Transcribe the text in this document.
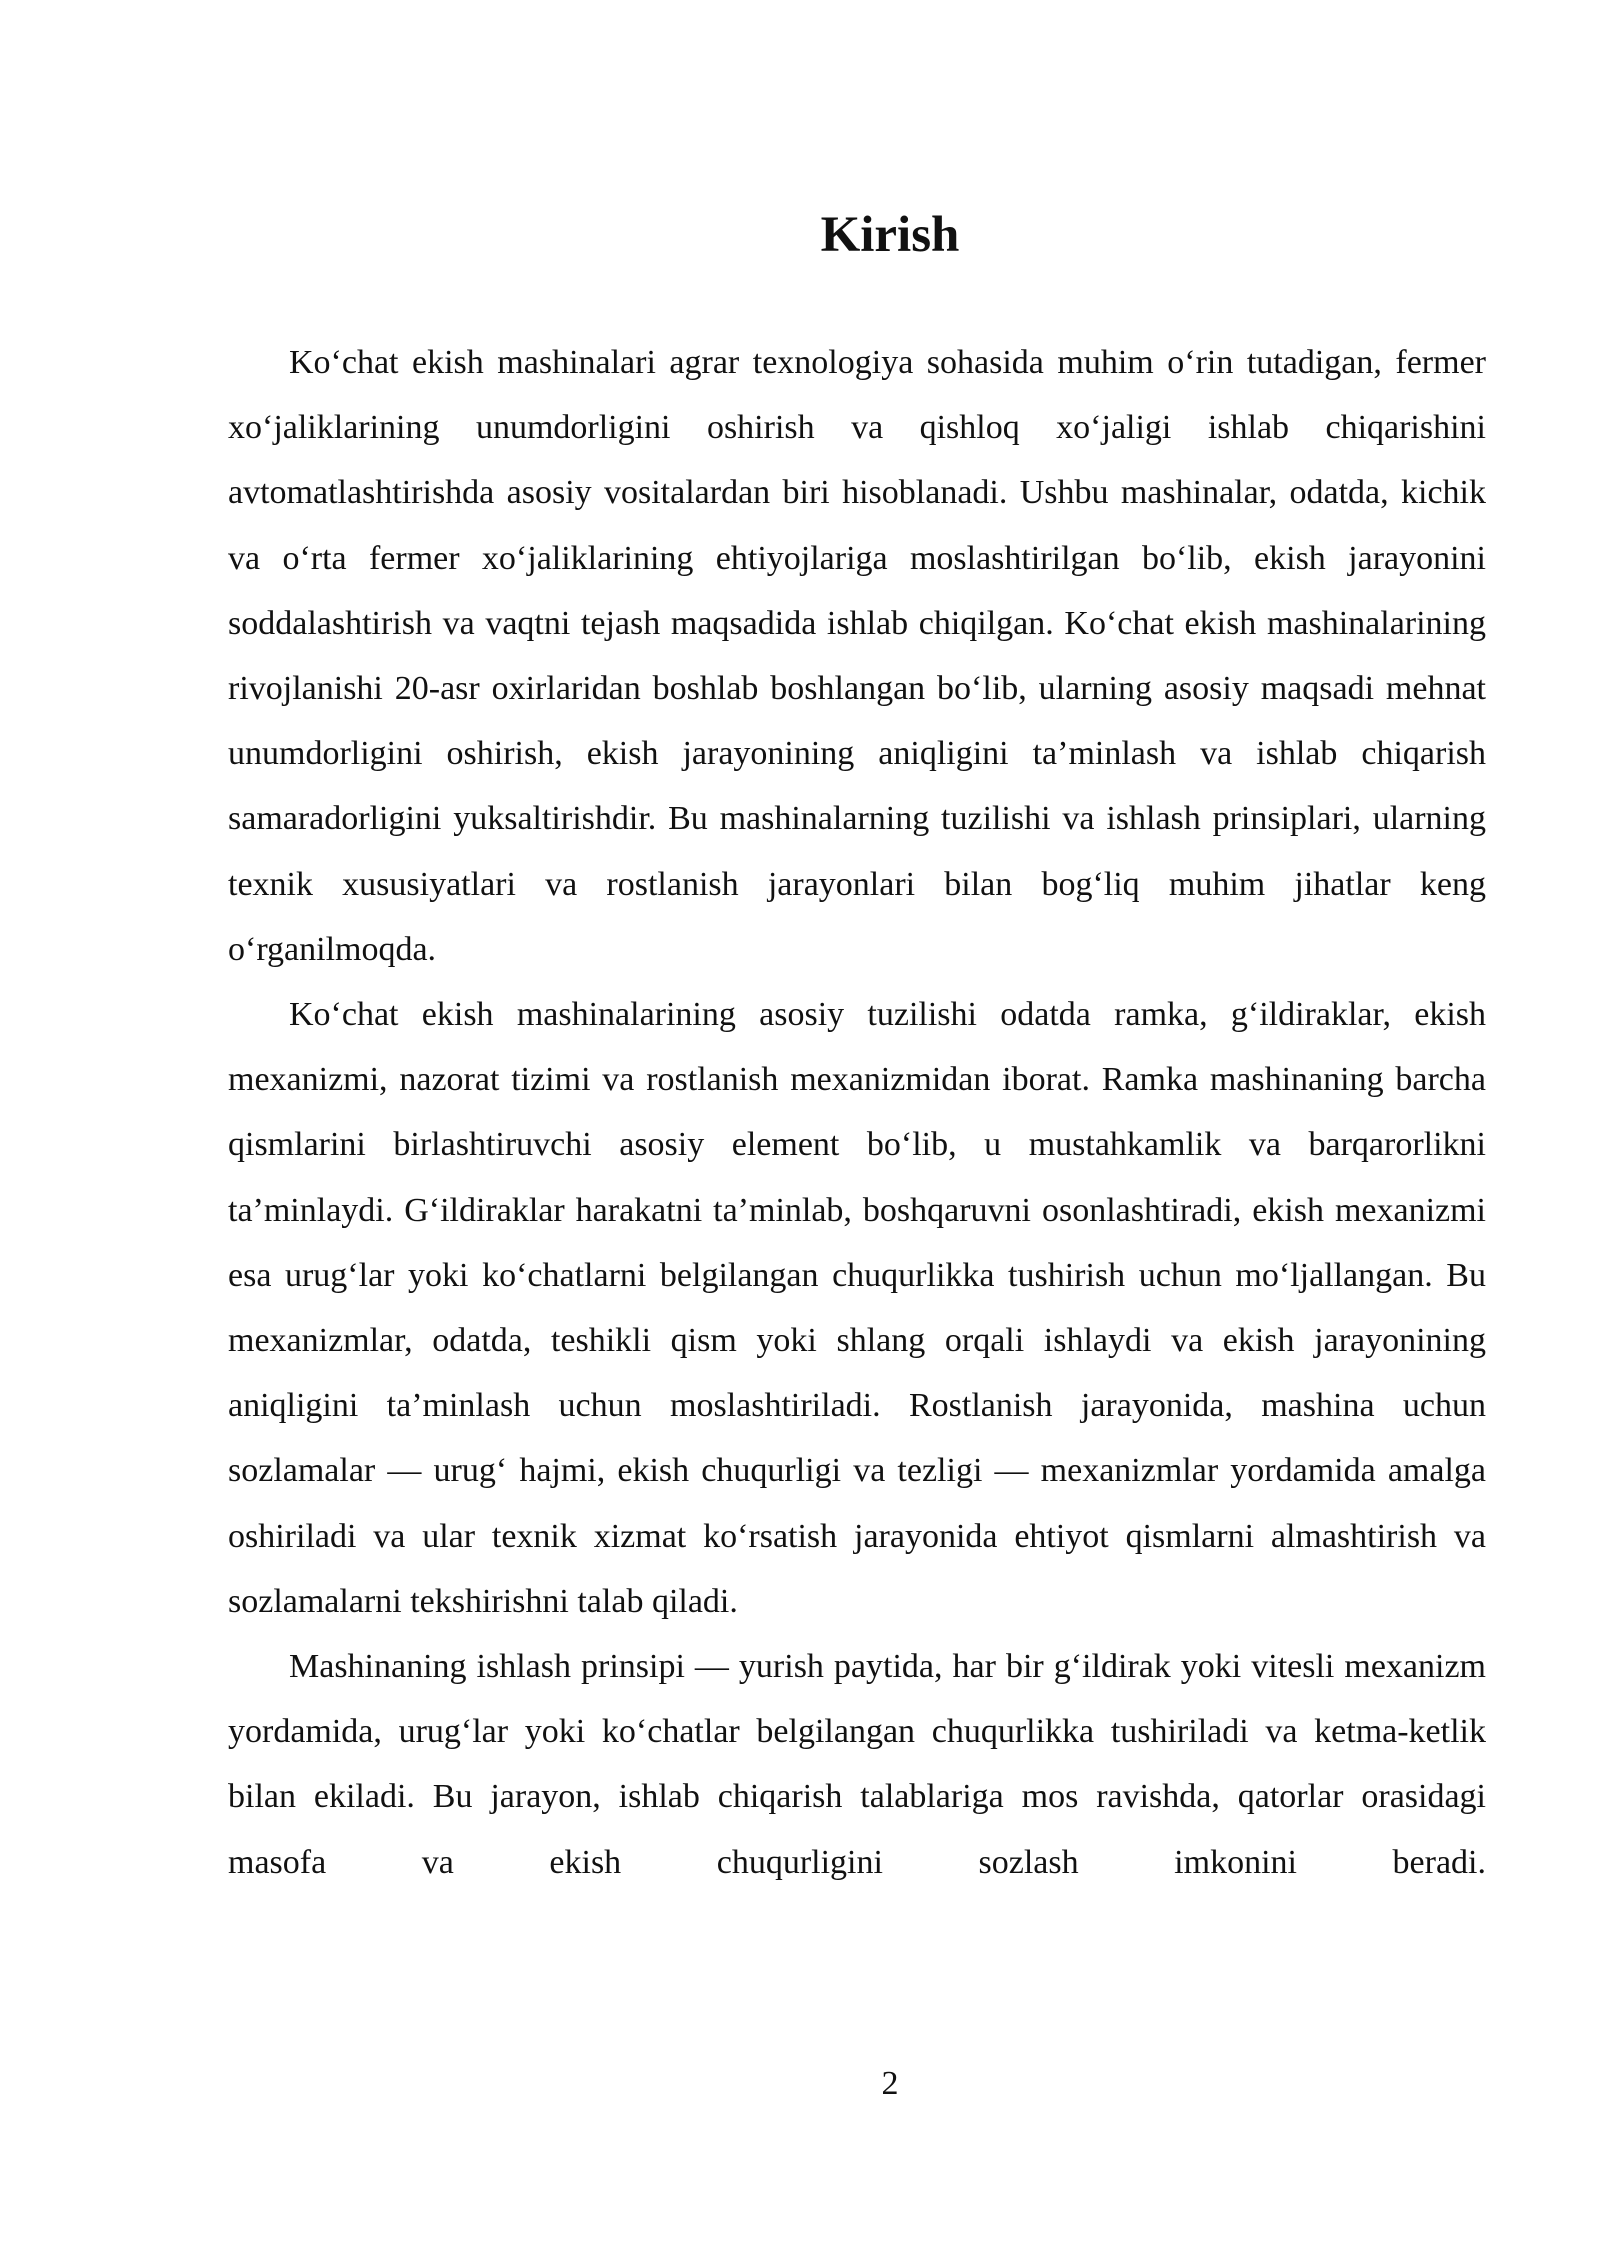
Kirish

Ko‘chat ekish mashinalari agrar texnologiya sohasida muhim o‘rin tutadigan, fermer xo‘jaliklarining unumdorligini oshirish va qishloq xo‘jaligi ishlab chiqarishini avtomatlashtirishda asosiy vositalardan biri hisoblanadi. Ushbu mashinalar, odatda, kichik va o‘rta fermer xo‘jaliklarining ehtiyojlariga moslashtirilgan bo‘lib, ekish jarayonini soddalashtirish va vaqtni tejash maqsadida ishlab chiqilgan. Ko‘chat ekish mashinalarining rivojlanishi 20-asr oxirlaridan boshlab boshlangan bo‘lib, ularning asosiy maqsadi mehnat unumdorligini oshirish, ekish jarayonining aniqligini ta’minlash va ishlab chiqarish samaradorligini yuksaltirishdir. Bu mashinalarning tuzilishi va ishlash prinsiplari, ularning texnik xususiyatlari va rostlanish jarayonlari bilan bog‘liq muhim jihatlar keng o‘rganilmoqda.

Ko‘chat ekish mashinalarining asosiy tuzilishi odatda ramka, g‘ildiraklar, ekish mexanizmi, nazorat tizimi va rostlanish mexanizmidan iborat. Ramka mashinaning barcha qismlarini birlashtiruvchi asosiy element bo‘lib, u mustahkamlik va barqarorlikni ta’minlaydi. G‘ildiraklar harakatni ta’minlab, boshqaruvni osonlashtiradi, ekish mexanizmi esa urug‘lar yoki ko‘chatlarni belgilangan chuqurlikka tushirish uchun mo‘ljallangan. Bu mexanizmlar, odatda, teshikli qism yoki shlang orqali ishlaydi va ekish jarayonining aniqligini ta’minlash uchun moslashtiriladi. Rostlanish jarayonida, mashina uchun sozlamalar — urug‘ hajmi, ekish chuqurligi va tezligi — mexanizmlar yordamida amalga oshiriladi va ular texnik xizmat ko‘rsatish jarayonida ehtiyot qismlarni almashtirish va sozlamalarni tekshirishni talab qiladi.

Mashinaning ishlash prinsipi — yurish paytida, har bir g‘ildirak yoki vitesli mexanizm yordamida, urug‘lar yoki ko‘chatlar belgilangan chuqurlikka tushiriladi va ketma-ketlik bilan ekiladi. Bu jarayon, ishlab chiqarish talablariga mos ravishda, qatorlar orasidagi masofa va ekish chuqurligini sozlash imkonini beradi.

2
